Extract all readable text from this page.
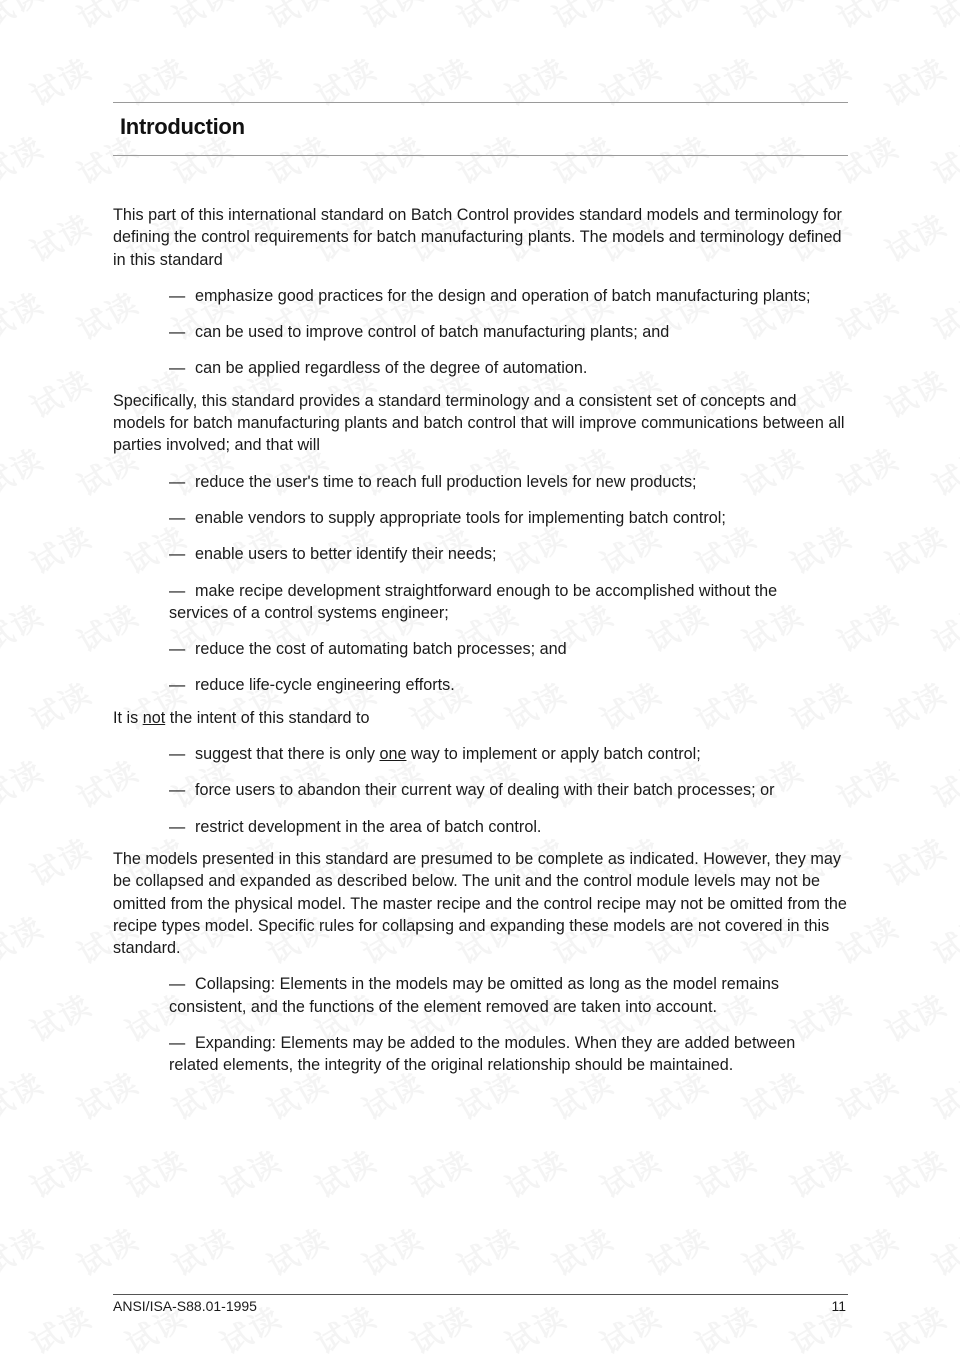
Introduction

This part of this international standard on Batch Control provides standard models and terminology for defining the control requirements for batch manufacturing plants. The models and terminology defined in this standard

— emphasize good practices for the design and operation of batch manufacturing plants;
— can be used to improve control of batch manufacturing plants; and
— can be applied regardless of the degree of automation.

Specifically, this standard provides a standard terminology and a consistent set of concepts and models for batch manufacturing plants and batch control that will improve communications between all parties involved; and that will

— reduce the user's time to reach full production levels for new products;
— enable vendors to supply appropriate tools for implementing batch control;
— enable users to better identify their needs;
— make recipe development straightforward enough to be accomplished without the services of a control systems engineer;
— reduce the cost of automating batch processes; and
— reduce life-cycle engineering efforts.

It is not the intent of this standard to

— suggest that there is only one way to implement or apply batch control;
— force users to abandon their current way of dealing with their batch processes; or
— restrict development in the area of batch control.

The models presented in this standard are presumed to be complete as indicated. However, they may be collapsed and expanded as described below. The unit and the control module levels may not be omitted from the physical model. The master recipe and the control recipe may not be omitted from the recipe types model. Specific rules for collapsing and expanding these models are not covered in this standard.

— Collapsing: Elements in the models may be omitted as long as the model remains consistent, and the functions of the element removed are taken into account.
— Expanding: Elements may be added to the modules. When they are added between related elements, the integrity of the original relationship should be maintained.
ANSI/ISA-S88.01-1995	11
